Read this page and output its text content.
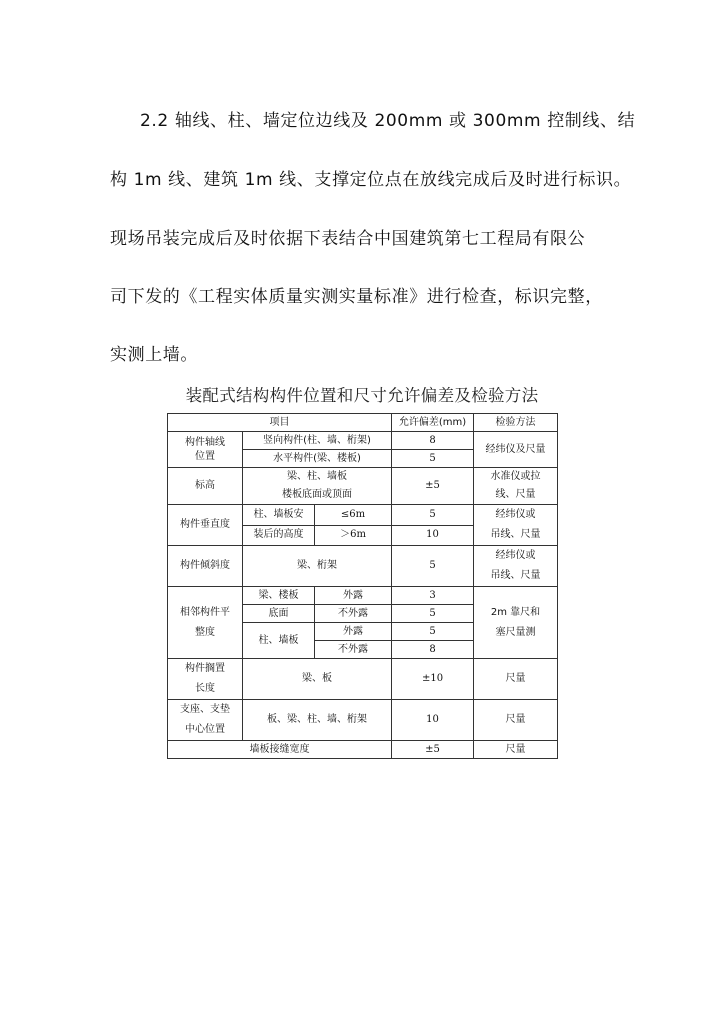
2.2 轴线、柱、墙定位边线及 200mm 或 300mm 控制线、结
构 1m 线、建筑 1m 线、支撑定位点在放线完成后及时进行标识。
现场吊装完成后及时依据下表结合中国建筑第七工程局有限公
司下发的《工程实体质量实测实量标准》进行检查，标识完整，
实测上墙。
装配式结构构件位置和尺寸允许偏差及检验方法
项目			允许偏差(mm)	检验方法
构件轴线
位置	竖向构件(柱、墙、桁架)		8	经纬仪及尺量
	水平构件(梁、楼板)		5	
标高	梁、柱、墙板
楼板底面或顶面		±5	水准仪或拉
线、尺量
构件垂直度	柱、墙板安	≤6m	5	经纬仪或
吊线、尺量
	装后的高度	＞6m	10	
构件倾斜度	梁、桁架		5	经纬仪或
吊线、尺量
相邻构件平
整度	梁、楼板	外露	3	2m 靠尺和
塞尺量测
	底面	不外露	5	
	柱、墙板	外露	5	
		不外露	8	
构件搁置
长度	梁、板		±10	尺量
支座、支垫
中心位置	板、梁、柱、墙、桁架		10	尺量
墙板接缝宽度			±5	尺量
